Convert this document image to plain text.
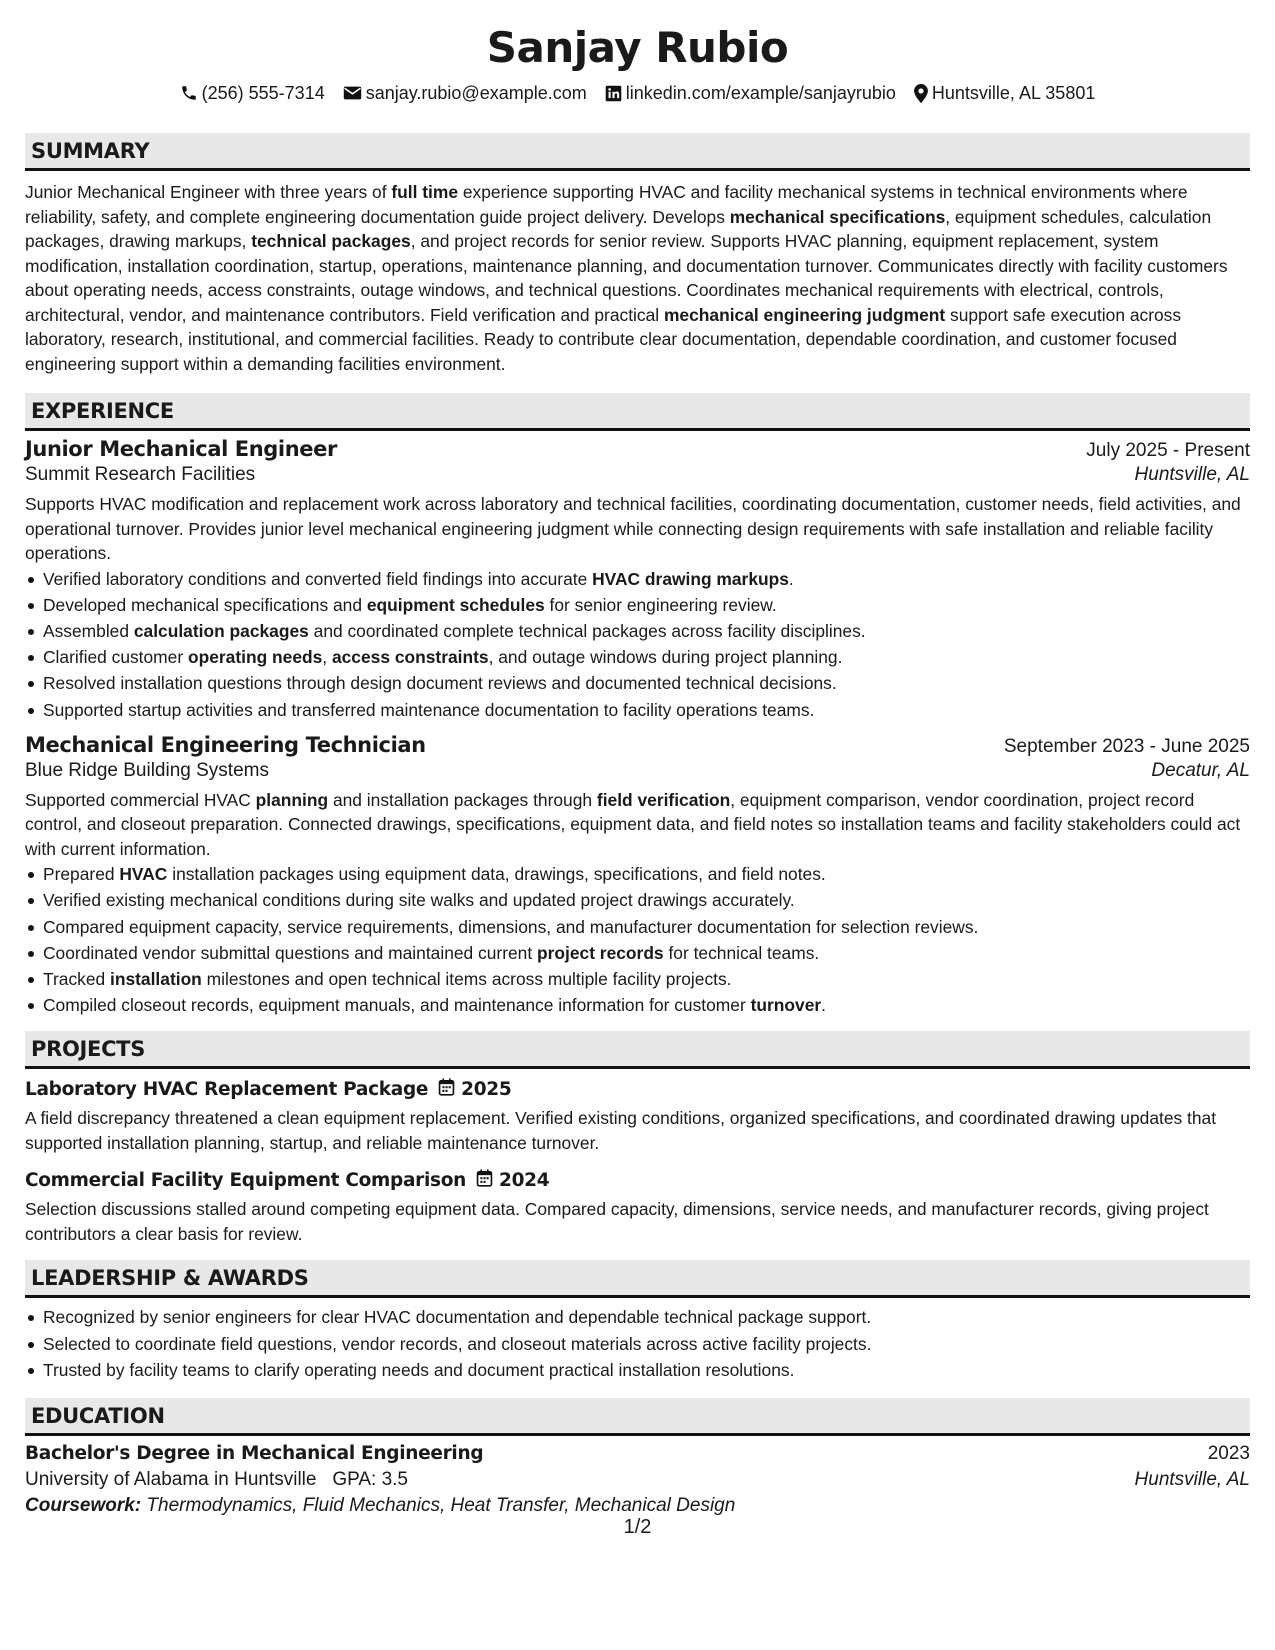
Sanjay Rubio
(256) 555-7314 sanjay.rubio@example.com linkedin.com/example/sanjayrubio Huntsville, AL 35801
SUMMARY

Junior Mechanical Engineer with three years of full time experience supporting HVAC and facility mechanical systems in technical environments where reliability, safety, and complete engineering documentation guide project delivery. Develops mechanical specifications, equipment schedules, calculation packages, drawing markups, technical packages, and project records for senior review. Supports HVAC planning, equipment replacement, system modification, installation coordination, startup, operations, maintenance planning, and documentation turnover. Communicates directly with facility customers about operating needs, access constraints, outage windows, and technical questions. Coordinates mechanical requirements with electrical, controls, architectural, vendor, and maintenance contributors. Field verification and practical mechanical engineering judgment support safe execution across laboratory, research, institutional, and commercial facilities. Ready to contribute clear documentation, dependable coordination, and customer focused engineering support within a demanding facilities environment.

EXPERIENCE
Junior Mechanical Engineer	July 2025 - Present
Summit Research Facilities	Huntsville, AL

Supports HVAC modification and replacement work across laboratory and technical facilities, coordinating documentation, customer needs, field activities, and operational turnover. Provides junior level mechanical engineering judgment while connecting design requirements with safe installation and reliable facility operations.

Verified laboratory conditions and converted field findings into accurate HVAC drawing markups.
Developed mechanical specifications and equipment schedules for senior engineering review.
Assembled calculation packages and coordinated complete technical packages across facility disciplines.
Clarified customer operating needs, access constraints, and outage windows during project planning.
Resolved installation questions through design document reviews and documented technical decisions.
Supported startup activities and transferred maintenance documentation to facility operations teams.
Mechanical Engineering Technician	September 2023 - June 2025
Blue Ridge Building Systems	Decatur, AL

Supported commercial HVAC planning and installation packages through field verification, equipment comparison, vendor coordination, project record control, and closeout preparation. Connected drawings, specifications, equipment data, and field notes so installation teams and facility stakeholders could act with current information.

Prepared HVAC installation packages using equipment data, drawings, specifications, and field notes.
Verified existing mechanical conditions during site walks and updated project drawings accurately.
Compared equipment capacity, service requirements, dimensions, and manufacturer documentation for selection reviews.
Coordinated vendor submittal questions and maintained current project records for technical teams.
Tracked installation milestones and open technical items across multiple facility projects.
Compiled closeout records, equipment manuals, and maintenance information for customer turnover.
PROJECTS
Laboratory HVAC Replacement Package 2025

A field discrepancy threatened a clean equipment replacement. Verified existing conditions, organized specifications, and coordinated drawing updates that supported installation planning, startup, and reliable maintenance turnover.

Commercial Facility Equipment Comparison 2024

Selection discussions stalled around competing equipment data. Compared capacity, dimensions, service needs, and manufacturer records, giving project contributors a clear basis for review.

LEADERSHIP & AWARDS
Recognized by senior engineers for clear HVAC documentation and dependable technical package support.
Selected to coordinate field questions, vendor records, and closeout materials across active facility projects.
Trusted by facility teams to clarify operating needs and document practical installation resolutions.
EDUCATION
Bachelor's Degree in Mechanical Engineering	2023
University of Alabama in Huntsville GPA: 3.5	Huntsville, AL
Coursework: Thermodynamics, Fluid Mechanics, Heat Transfer, Mechanical Design
1/2
